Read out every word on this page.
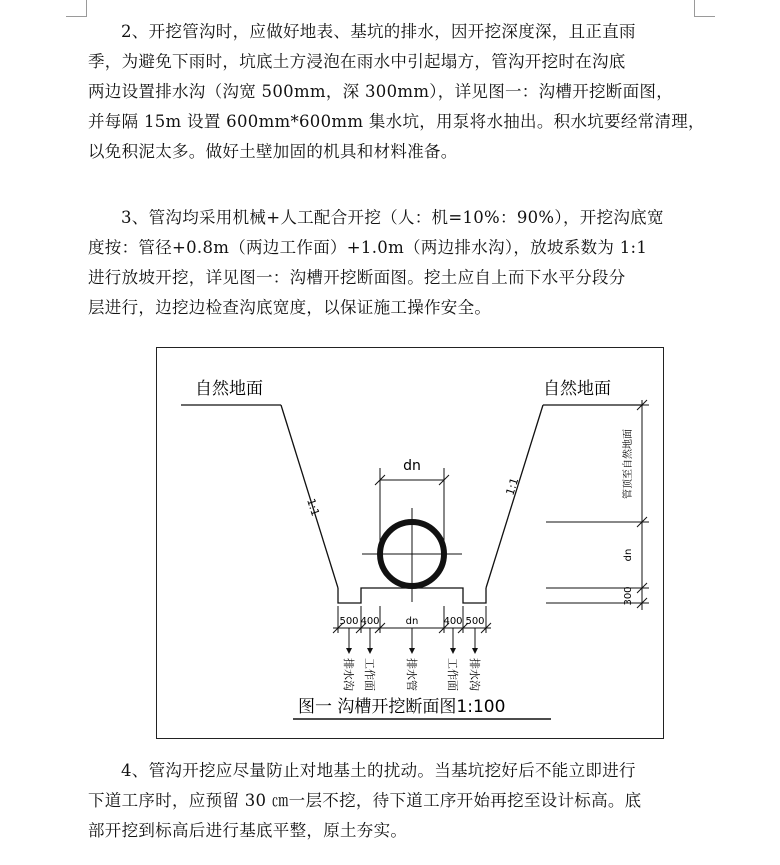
2、开挖管沟时，应做好地表、基坑的排水，因开挖深度深，且正直雨
季，为避免下雨时，坑底土方浸泡在雨水中引起塌方，管沟开挖时在沟底
两边设置排水沟（沟宽 500mm，深 300mm），详见图一：沟槽开挖断面图，
并每隔 15m 设置 600mm*600mm 集水坑，用泵将水抽出。积水坑要经常清理，
以免积泥太多。做好土壁加固的机具和材料准备。
3、管沟均采用机械+人工配合开挖（人：机=10%：90%），开挖沟底宽
度按：管径+0.8m（两边工作面）+1.0m（两边排水沟），放坡系数为 1:1
进行放坡开挖，详见图一：沟槽开挖断面图。挖土应自上而下水平分段分
层进行，边挖边检查沟底宽度，以保证施工操作安全。
自然地面	自然地面
dn
1:1
1:1	管顶至自然地面
dn
300
500 400	dn	400 500
排水沟 工作面	排水管	工作面 排水沟
图一 沟槽开挖断面图1:100
4、管沟开挖应尽量防止对地基土的扰动。当基坑挖好后不能立即进行
下道工序时，应预留 30 ㎝一层不挖，待下道工序开始再挖至设计标高。底
部开挖到标高后进行基底平整，原土夯实。
